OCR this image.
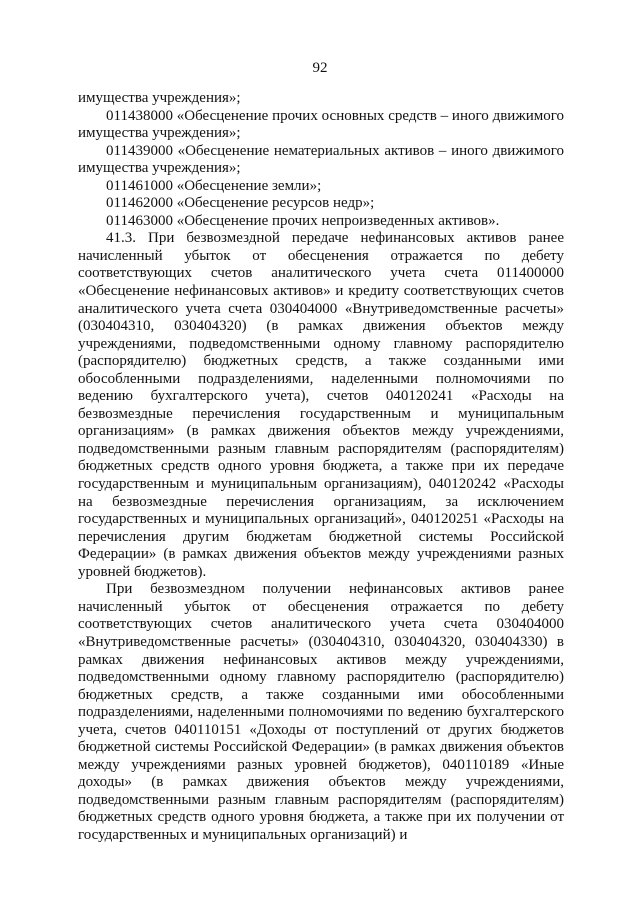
92

имущества учреждения»;

011438000 «Обесценение прочих основных средств – иного движимого имущества учреждения»;

011439000 «Обесценение нематериальных активов – иного движимого имущества учреждения»;

011461000 «Обесценение земли»;

011462000 «Обесценение ресурсов недр»;

011463000 «Обесценение прочих непроизведенных активов».

41.3. При безвозмездной передаче нефинансовых активов ранее начисленный убыток от обесценения отражается по дебету соответствующих счетов аналитического учета счета 011400000 «Обесценение нефинансовых активов» и кредиту соответствующих счетов аналитического учета счета 030404000 «Внутриведомственные расчеты» (030404310, 030404320) (в рамках движения объектов между учреждениями, подведомственными одному главному распорядителю (распорядителю) бюджетных средств, а также созданными ими обособленными подразделениями, наделенными полномочиями по ведению бухгалтерского учета), счетов 040120241 «Расходы на безвозмездные перечисления государственным и муниципальным организациям» (в рамках движения объектов между учреждениями, подведомственными разным главным распорядителям (распорядителям) бюджетных средств одного уровня бюджета, а также при их передаче государственным и муниципальным организациям), 040120242 «Расходы на безвозмездные перечисления организациям, за исключением государственных и муниципальных организаций», 040120251 «Расходы на перечисления другим бюджетам бюджетной системы Российской Федерации» (в рамках движения объектов между учреждениями разных уровней бюджетов).

При безвозмездном получении нефинансовых активов ранее начисленный убыток от обесценения отражается по дебету соответствующих счетов аналитического учета счета 030404000 «Внутриведомственные расчеты» (030404310, 030404320, 030404330) в рамках движения нефинансовых активов между учреждениями, подведомственными одному главному распорядителю (распорядителю) бюджетных средств, а также созданными ими обособленными подразделениями, наделенными полномочиями по ведению бухгалтерского учета, счетов 040110151 «Доходы от поступлений от других бюджетов бюджетной системы Российской Федерации» (в рамках движения объектов между учреждениями разных уровней бюджетов), 040110189 «Иные доходы» (в рамках движения объектов между учреждениями, подведомственными разным главным распорядителям (распорядителям) бюджетных средств одного уровня бюджета, а также при их получении от государственных и муниципальных организаций) и
